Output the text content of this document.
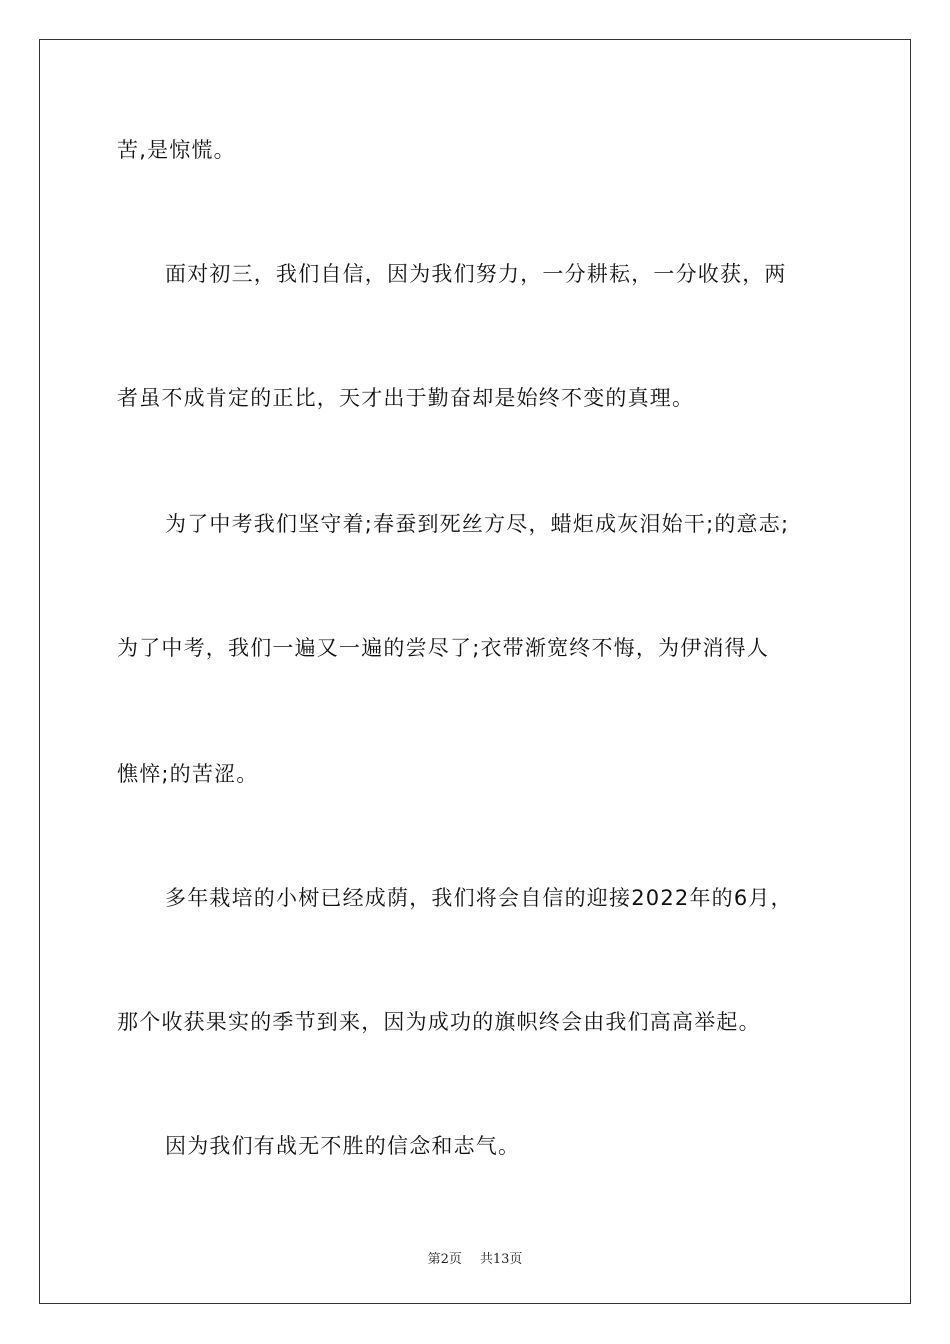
苦,是惊慌。
面对初三，我们自信，因为我们努力，一分耕耘，一分收获，两
者虽不成肯定的正比，天才出于勤奋却是始终不变的真理。
为了中考我们坚守着;春蚕到死丝方尽，蜡炬成灰泪始干;的意志;
为了中考，我们一遍又一遍的尝尽了;衣带渐宽终不悔，为伊消得人
憔悴;的苦涩。
多年栽培的小树已经成荫，我们将会自信的迎接2022年的6月，
那个收获果实的季节到来，因为成功的旗帜终会由我们高高举起。
因为我们有战无不胜的信念和志气。
第2页 共13页
